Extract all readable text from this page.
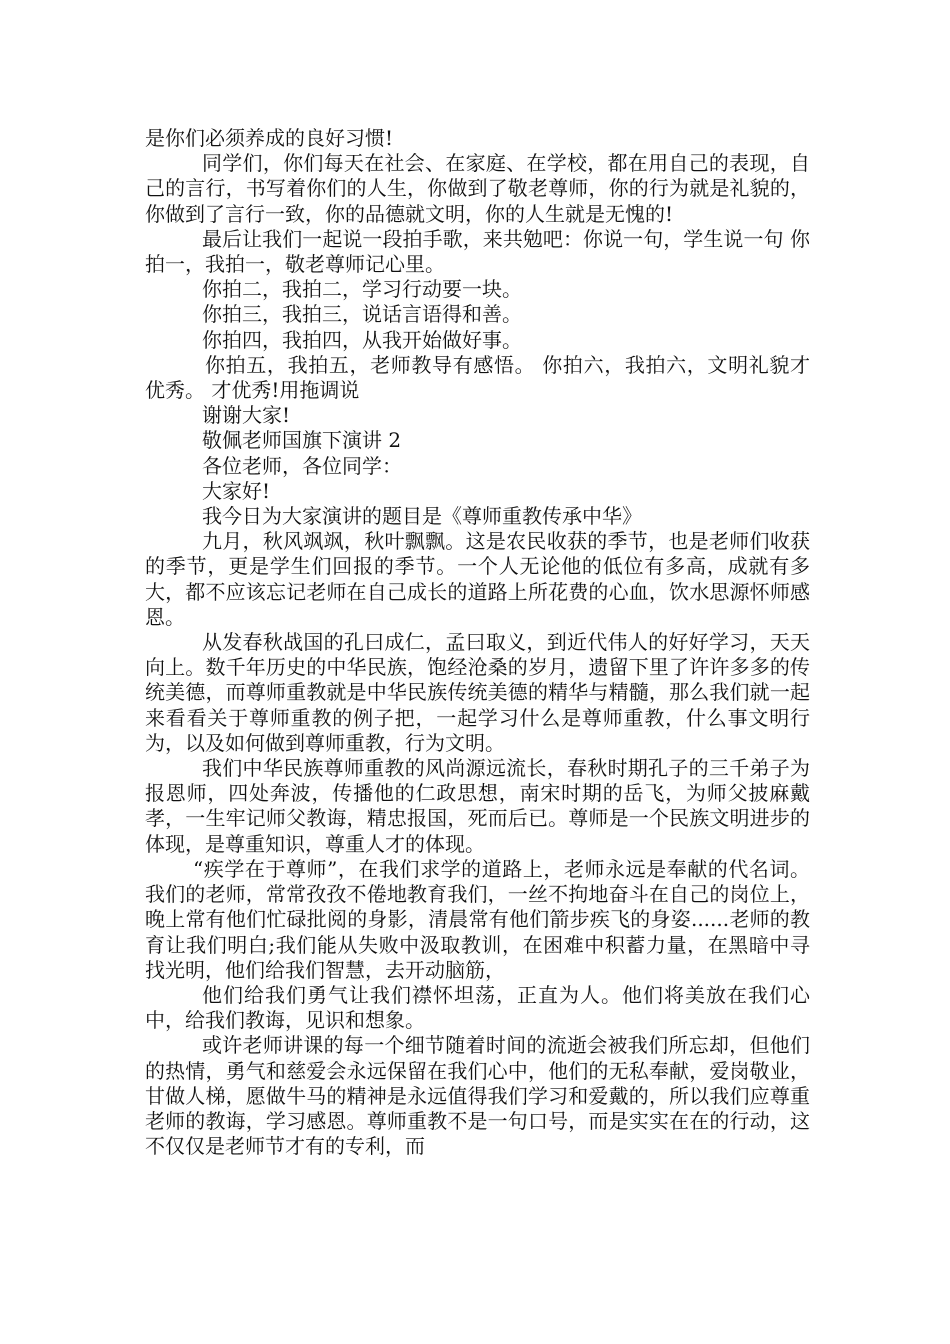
是你们必须养成的良好习惯!

同学们，你们每天在社会、在家庭、在学校，都在用自己的表现，自己的言行，书写着你们的人生，你做到了敬老尊师，你的行为就是礼貌的，你做到了言行一致，你的品德就文明，你的人生就是无愧的!

最后让我们一起说一段拍手歌，来共勉吧：你说一句，学生说一句 你拍一，我拍一，敬老尊师记心里。

你拍二，我拍二，学习行动要一块。

你拍三，我拍三，说话言语得和善。

你拍四，我拍四，从我开始做好事。

你拍五，我拍五，老师教导有感悟。 你拍六，我拍六，文明礼貌才优秀。 才优秀!用拖调说

谢谢大家!

敬佩老师国旗下演讲 2

各位老师，各位同学：

大家好!

我今日为大家演讲的题目是《尊师重教传承中华》

九月，秋风飒飒，秋叶飘飘。这是农民收获的季节，也是老师们收获的季节，更是学生们回报的季节。一个人无论他的低位有多高，成就有多大，都不应该忘记老师在自己成长的道路上所花费的心血，饮水思源怀师感恩。

从发春秋战国的孔曰成仁，孟曰取义，到近代伟人的好好学习，天天向上。数千年历史的中华民族，饱经沧桑的岁月，遗留下里了许许多多的传统美德，而尊师重教就是中华民族传统美德的精华与精髓，那么我们就一起来看看关于尊师重教的例子把，一起学习什么是尊师重教，什么事文明行为，以及如何做到尊师重教，行为文明。

我们中华民族尊师重教的风尚源远流长，春秋时期孔子的三千弟子为报恩师，四处奔波，传播他的仁政思想，南宋时期的岳飞，为师父披麻戴孝，一生牢记师父教诲，精忠报国，死而后已。尊师是一个民族文明进步的体现，是尊重知识，尊重人才的体现。

“疾学在于尊师”，在我们求学的道路上，老师永远是奉献的代名词。我们的老师，常常孜孜不倦地教育我们，一丝不拘地奋斗在自己的岗位上，晚上常有他们忙碌批阅的身影，清晨常有他们箭步疾飞的身姿......老师的教育让我们明白;我们能从失败中汲取教训，在困难中积蓄力量，在黑暗中寻找光明，他们给我们智慧，去开动脑筋，

他们给我们勇气让我们襟怀坦荡，正直为人。他们将美放在我们心中，给我们教诲，见识和想象。

或许老师讲课的每一个细节随着时间的流逝会被我们所忘却，但他们的热情，勇气和慈爱会永远保留在我们心中，他们的无私奉献，爱岗敬业，甘做人梯，愿做牛马的精神是永远值得我们学习和爱戴的，所以我们应尊重老师的教诲，学习感恩。尊师重教不是一句口号，而是实实在在的行动，这不仅仅是老师节才有的专利，而
